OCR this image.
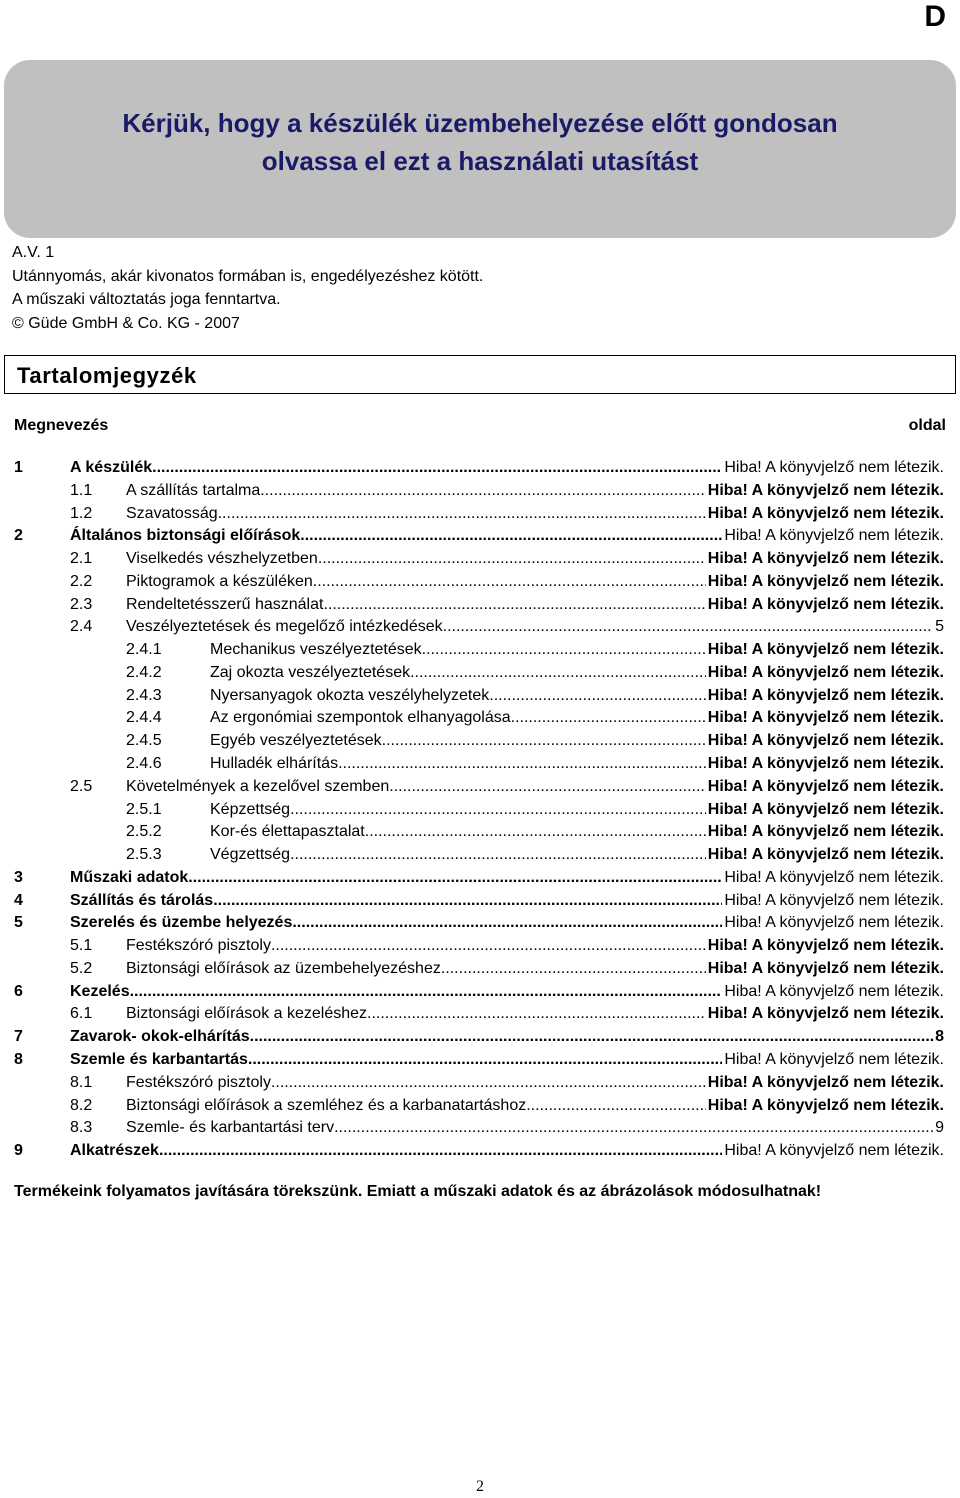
D
Kérjük, hogy a készülék üzembehelyezése előtt gondosan
olvassa el ezt a használati utasítást
A.V. 1
Utánnyomás, akár kivonatos formában is, engedélyezéshez kötött.
A műszaki változtatás joga fenntartva.
© Güde GmbH & Co. KG - 2007
Tartalomjegyzék
Megnevezés	oldal
1	A készülék .....	Hiba! A könyvjelző nem létezik.
1.1	A szállítás tartalma .....	Hiba! A könyvjelző nem létezik.
1.2	Szavatosság .....	Hiba! A könyvjelző nem létezik.
2	Általános biztonsági előírások .....	Hiba! A könyvjelző nem létezik.
2.1	Viselkedés vészhelyzetben .....	Hiba! A könyvjelző nem létezik.
2.2	Piktogramok a készüléken .....	Hiba! A könyvjelző nem létezik.
2.3	Rendeltetésszerű használat .....	Hiba! A könyvjelző nem létezik.
2.4	Veszélyeztetések és megelőző intézkedések .....	5
2.4.1	Mechanikus veszélyeztetések .....	Hiba! A könyvjelző nem létezik.
2.4.2	Zaj okozta veszélyeztetések .....	Hiba! A könyvjelző nem létezik.
2.4.3	Nyersanyagok okozta veszélyhelyzetek .....	Hiba! A könyvjelző nem létezik.
2.4.4	Az ergonómiai szempontok elhanyagolása .....	Hiba! A könyvjelző nem létezik.
2.4.5	Egyéb veszélyeztetések .....	Hiba! A könyvjelző nem létezik.
2.4.6	Hulladék elhárítás .....	Hiba! A könyvjelző nem létezik.
2.5	Követelmények a kezelővel szemben .....	Hiba! A könyvjelző nem létezik.
2.5.1	Képzettség .....	Hiba! A könyvjelző nem létezik.
2.5.2	Kor-és élettapasztalat .....	Hiba! A könyvjelző nem létezik.
2.5.3	Végzettség .....	Hiba! A könyvjelző nem létezik.
3	Műszaki adatok .....	Hiba! A könyvjelző nem létezik.
4	Szállítás és tárolás .....	Hiba! A könyvjelző nem létezik.
5	Szerelés és üzembe helyezés .....	Hiba! A könyvjelző nem létezik.
5.1	Festékszóró pisztoly .....	Hiba! A könyvjelző nem létezik.
5.2	Biztonsági előírások az üzembehelyezéshez .....	Hiba! A könyvjelző nem létezik.
6	Kezelés .....	Hiba! A könyvjelző nem létezik.
6.1	Biztonsági előírások a kezeléshez .....	Hiba! A könyvjelző nem létezik.
7	Zavarok- okok-elhárítás .....	8
8	Szemle és karbantartás .....	Hiba! A könyvjelző nem létezik.
8.1	Festékszóró pisztoly .....	Hiba! A könyvjelző nem létezik.
8.2	Biztonsági előírások a szemléhez és a karbanatartáshoz .....	Hiba! A könyvjelző nem létezik.
8.3	Szemle- és karbantartási terv .....	9
9	Alkatrészek .....	Hiba! A könyvjelző nem létezik.
Termékeink folyamatos javítására törekszünk. Emiatt a műszaki adatok és az ábrázolások módosulhatnak!
2
